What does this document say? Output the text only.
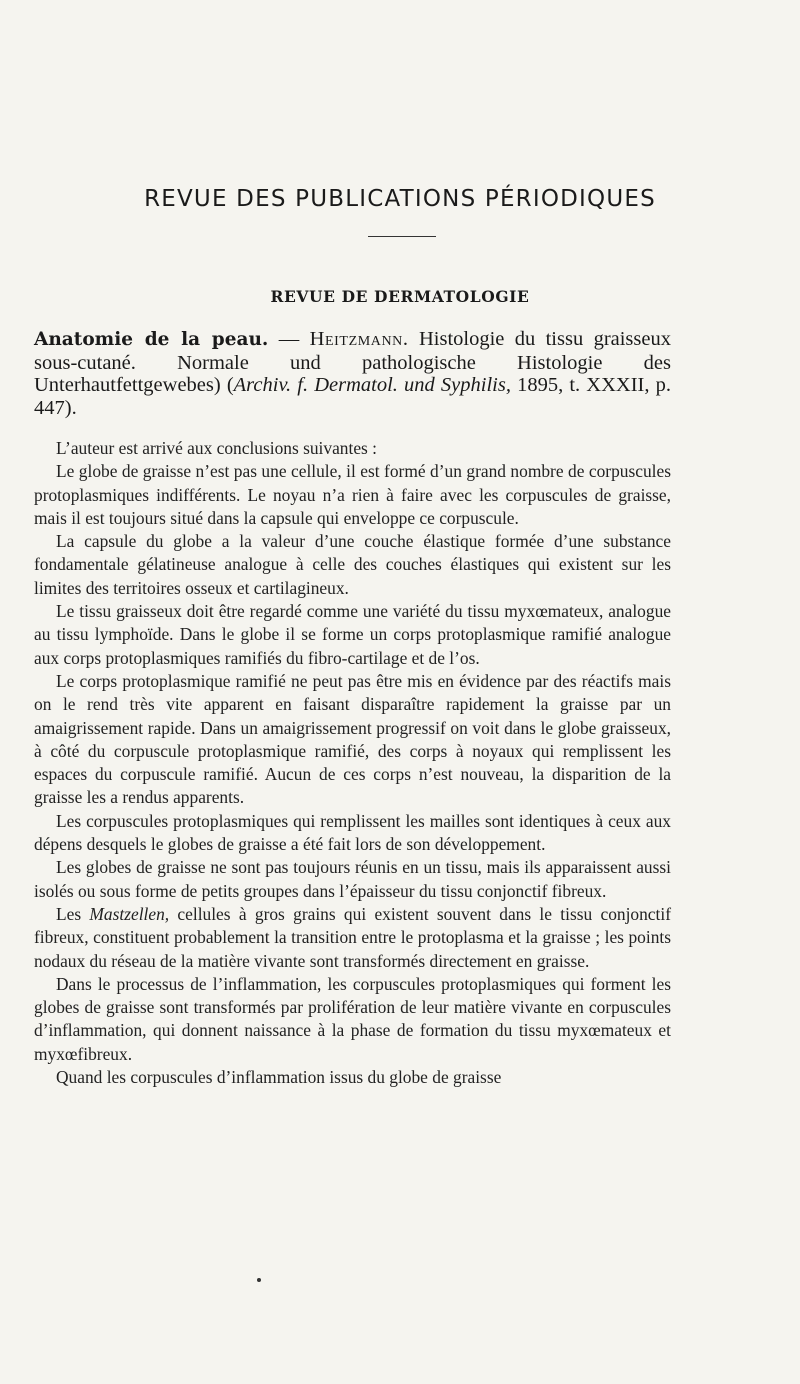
REVUE DES PUBLICATIONS PÉRIODIQUES
REVUE DE DERMATOLOGIE
Anatomie de la peau. — Heitzmann. Histologie du tissu graisseux sous-cutané. Normale und pathologische Histologie des Unterhautfettgewebes) (Archiv. f. Dermatol. und Syphilis, 1895, t. XXXII, p. 447).

L’auteur est arrivé aux conclusions suivantes :

Le globe de graisse n’est pas une cellule, il est formé d’un grand nombre de corpuscules protoplasmiques indifférents. Le noyau n’a rien à faire avec les corpuscules de graisse, mais il est toujours situé dans la capsule qui enveloppe ce corpuscule.

La capsule du globe a la valeur d’une couche élastique formée d’une substance fondamentale gélatineuse analogue à celle des couches élastiques qui existent sur les limites des territoires osseux et cartilagineux.

Le tissu graisseux doit être regardé comme une variété du tissu myxœmateux, analogue au tissu lymphoïde. Dans le globe il se forme un corps protoplasmique ramifié analogue aux corps protoplasmiques ramifiés du fibro-cartilage et de l’os.

Le corps protoplasmique ramifié ne peut pas être mis en évidence par des réactifs mais on le rend très vite apparent en faisant disparaître rapidement la graisse par un amaigrissement rapide. Dans un amaigrissement progressif on voit dans le globe graisseux, à côté du corpuscule protoplasmique ramifié, des corps à noyaux qui remplissent les espaces du corpuscule ramifié. Aucun de ces corps n’est nouveau, la disparition de la graisse les a rendus apparents.

Les corpuscules protoplasmiques qui remplissent les mailles sont identiques à ceux aux dépens desquels le globes de graisse a été fait lors de son développement.

Les globes de graisse ne sont pas toujours réunis en un tissu, mais ils apparaissent aussi isolés ou sous forme de petits groupes dans l’épaisseur du tissu conjonctif fibreux.

Les Mastzellen, cellules à gros grains qui existent souvent dans le tissu conjonctif fibreux, constituent probablement la transition entre le protoplasma et la graisse ; les points nodaux du réseau de la matière vivante sont transformés directement en graisse.

Dans le processus de l’inflammation, les corpuscules protoplasmiques qui forment les globes de graisse sont transformés par prolifération de leur matière vivante en corpuscules d’inflammation, qui donnent naissance à la phase de formation du tissu myxœmateux et myxœfibreux.

Quand les corpuscules d’inflammation issus du globe de graisse
